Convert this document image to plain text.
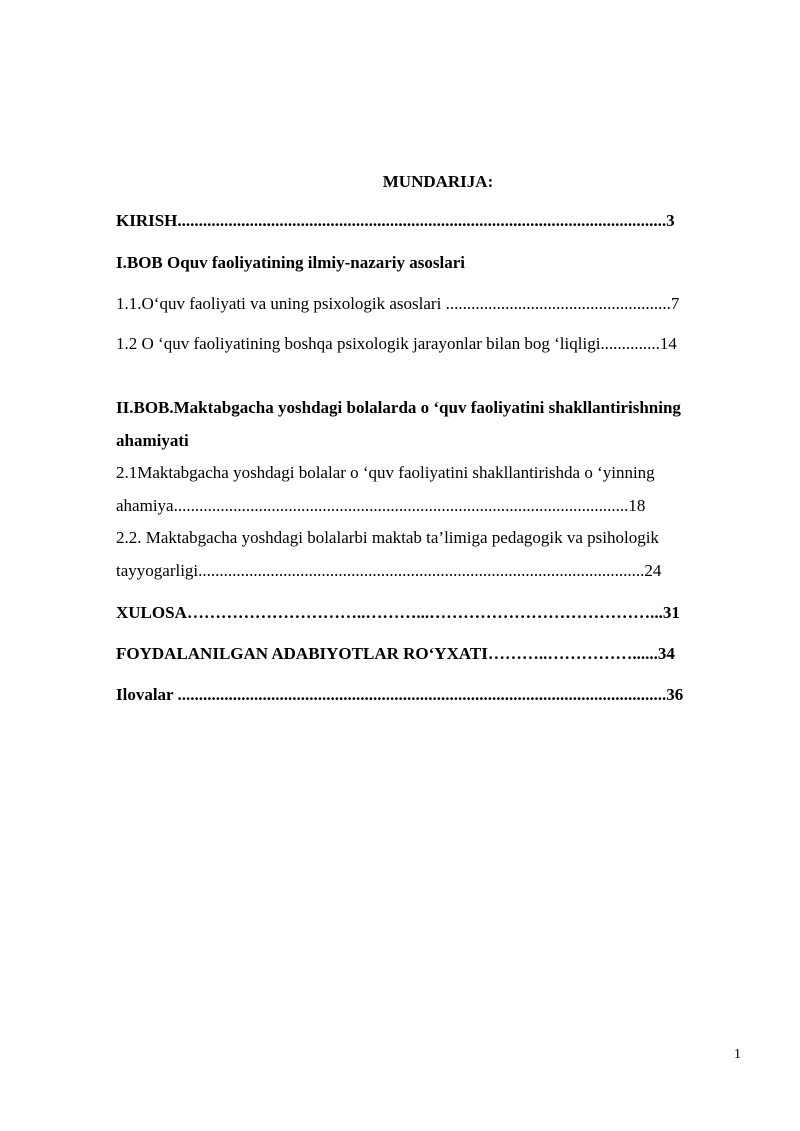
MUNDARIJA:
KIRISH...................................................................................................................3
I.BOB Oquv faoliyatining ilmiy-nazariy asoslari
1.1.O‘quv faoliyati va uning psixologik asoslari .....................................................7
1.2 O ‘quv faoliyatining boshqa psixologik jarayonlar bilan bog ‘liqligi..............14
II.BOB.Maktabgacha yoshdagi bolalarda o ‘quv faoliyatini shakllantirishning
ahamiyati
2.1Maktabgacha yoshdagi bolalar o ‘quv faoliyatini shakllantirishda o ‘yinning
ahamiya...........................................................................................................18
2.2. Maktabgacha yoshdagi bolalarbi maktab ta’limiga pedagogik va psihologik
tayyogarligi.........................................................................................................24
XULOSA…………………………..………...…………………………………...31
FOYDALANILGAN ADABIYOTLAR RO‘YXATI………..……………......34
Ilovalar ...................................................................................................................36
1
